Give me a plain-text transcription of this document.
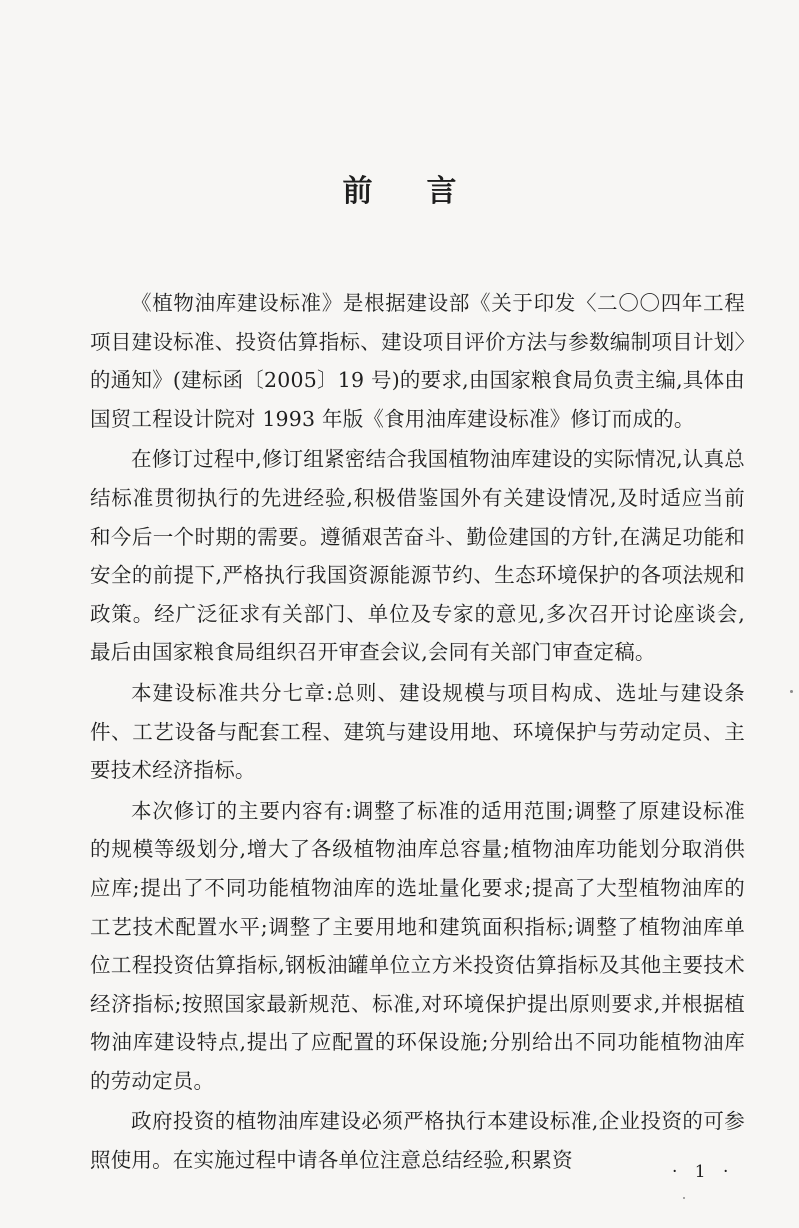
前言

《植物油库建设标准》是根据建设部《关于印发〈二〇〇四年工程项目建设标准、投资估算指标、建设项目评价方法与参数编制项目计划〉的通知》(建标函〔2005〕19 号)的要求,由国家粮食局负责主编,具体由国贸工程设计院对 1993 年版《食用油库建设标准》修订而成的。

在修订过程中,修订组紧密结合我国植物油库建设的实际情况,认真总结标准贯彻执行的先进经验,积极借鉴国外有关建设情况,及时适应当前和今后一个时期的需要。遵循艰苦奋斗、勤俭建国的方针,在满足功能和安全的前提下,严格执行我国资源能源节约、生态环境保护的各项法规和政策。经广泛征求有关部门、单位及专家的意见,多次召开讨论座谈会,最后由国家粮食局组织召开审查会议,会同有关部门审查定稿。

本建设标准共分七章:总则、建设规模与项目构成、选址与建设条件、工艺设备与配套工程、建筑与建设用地、环境保护与劳动定员、主要技术经济指标。

本次修订的主要内容有:调整了标准的适用范围;调整了原建设标准的规模等级划分,增大了各级植物油库总容量;植物油库功能划分取消供应库;提出了不同功能植物油库的选址量化要求;提高了大型植物油库的工艺技术配置水平;调整了主要用地和建筑面积指标;调整了植物油库单位工程投资估算指标,钢板油罐单位立方米投资估算指标及其他主要技术经济指标;按照国家最新规范、标准,对环境保护提出原则要求,并根据植物油库建设特点,提出了应配置的环保设施;分别给出不同功能植物油库的劳动定员。

政府投资的植物油库建设必须严格执行本建设标准,企业投资的可参照使用。在实施过程中请各单位注意总结经验,积累资	· 1 ·
